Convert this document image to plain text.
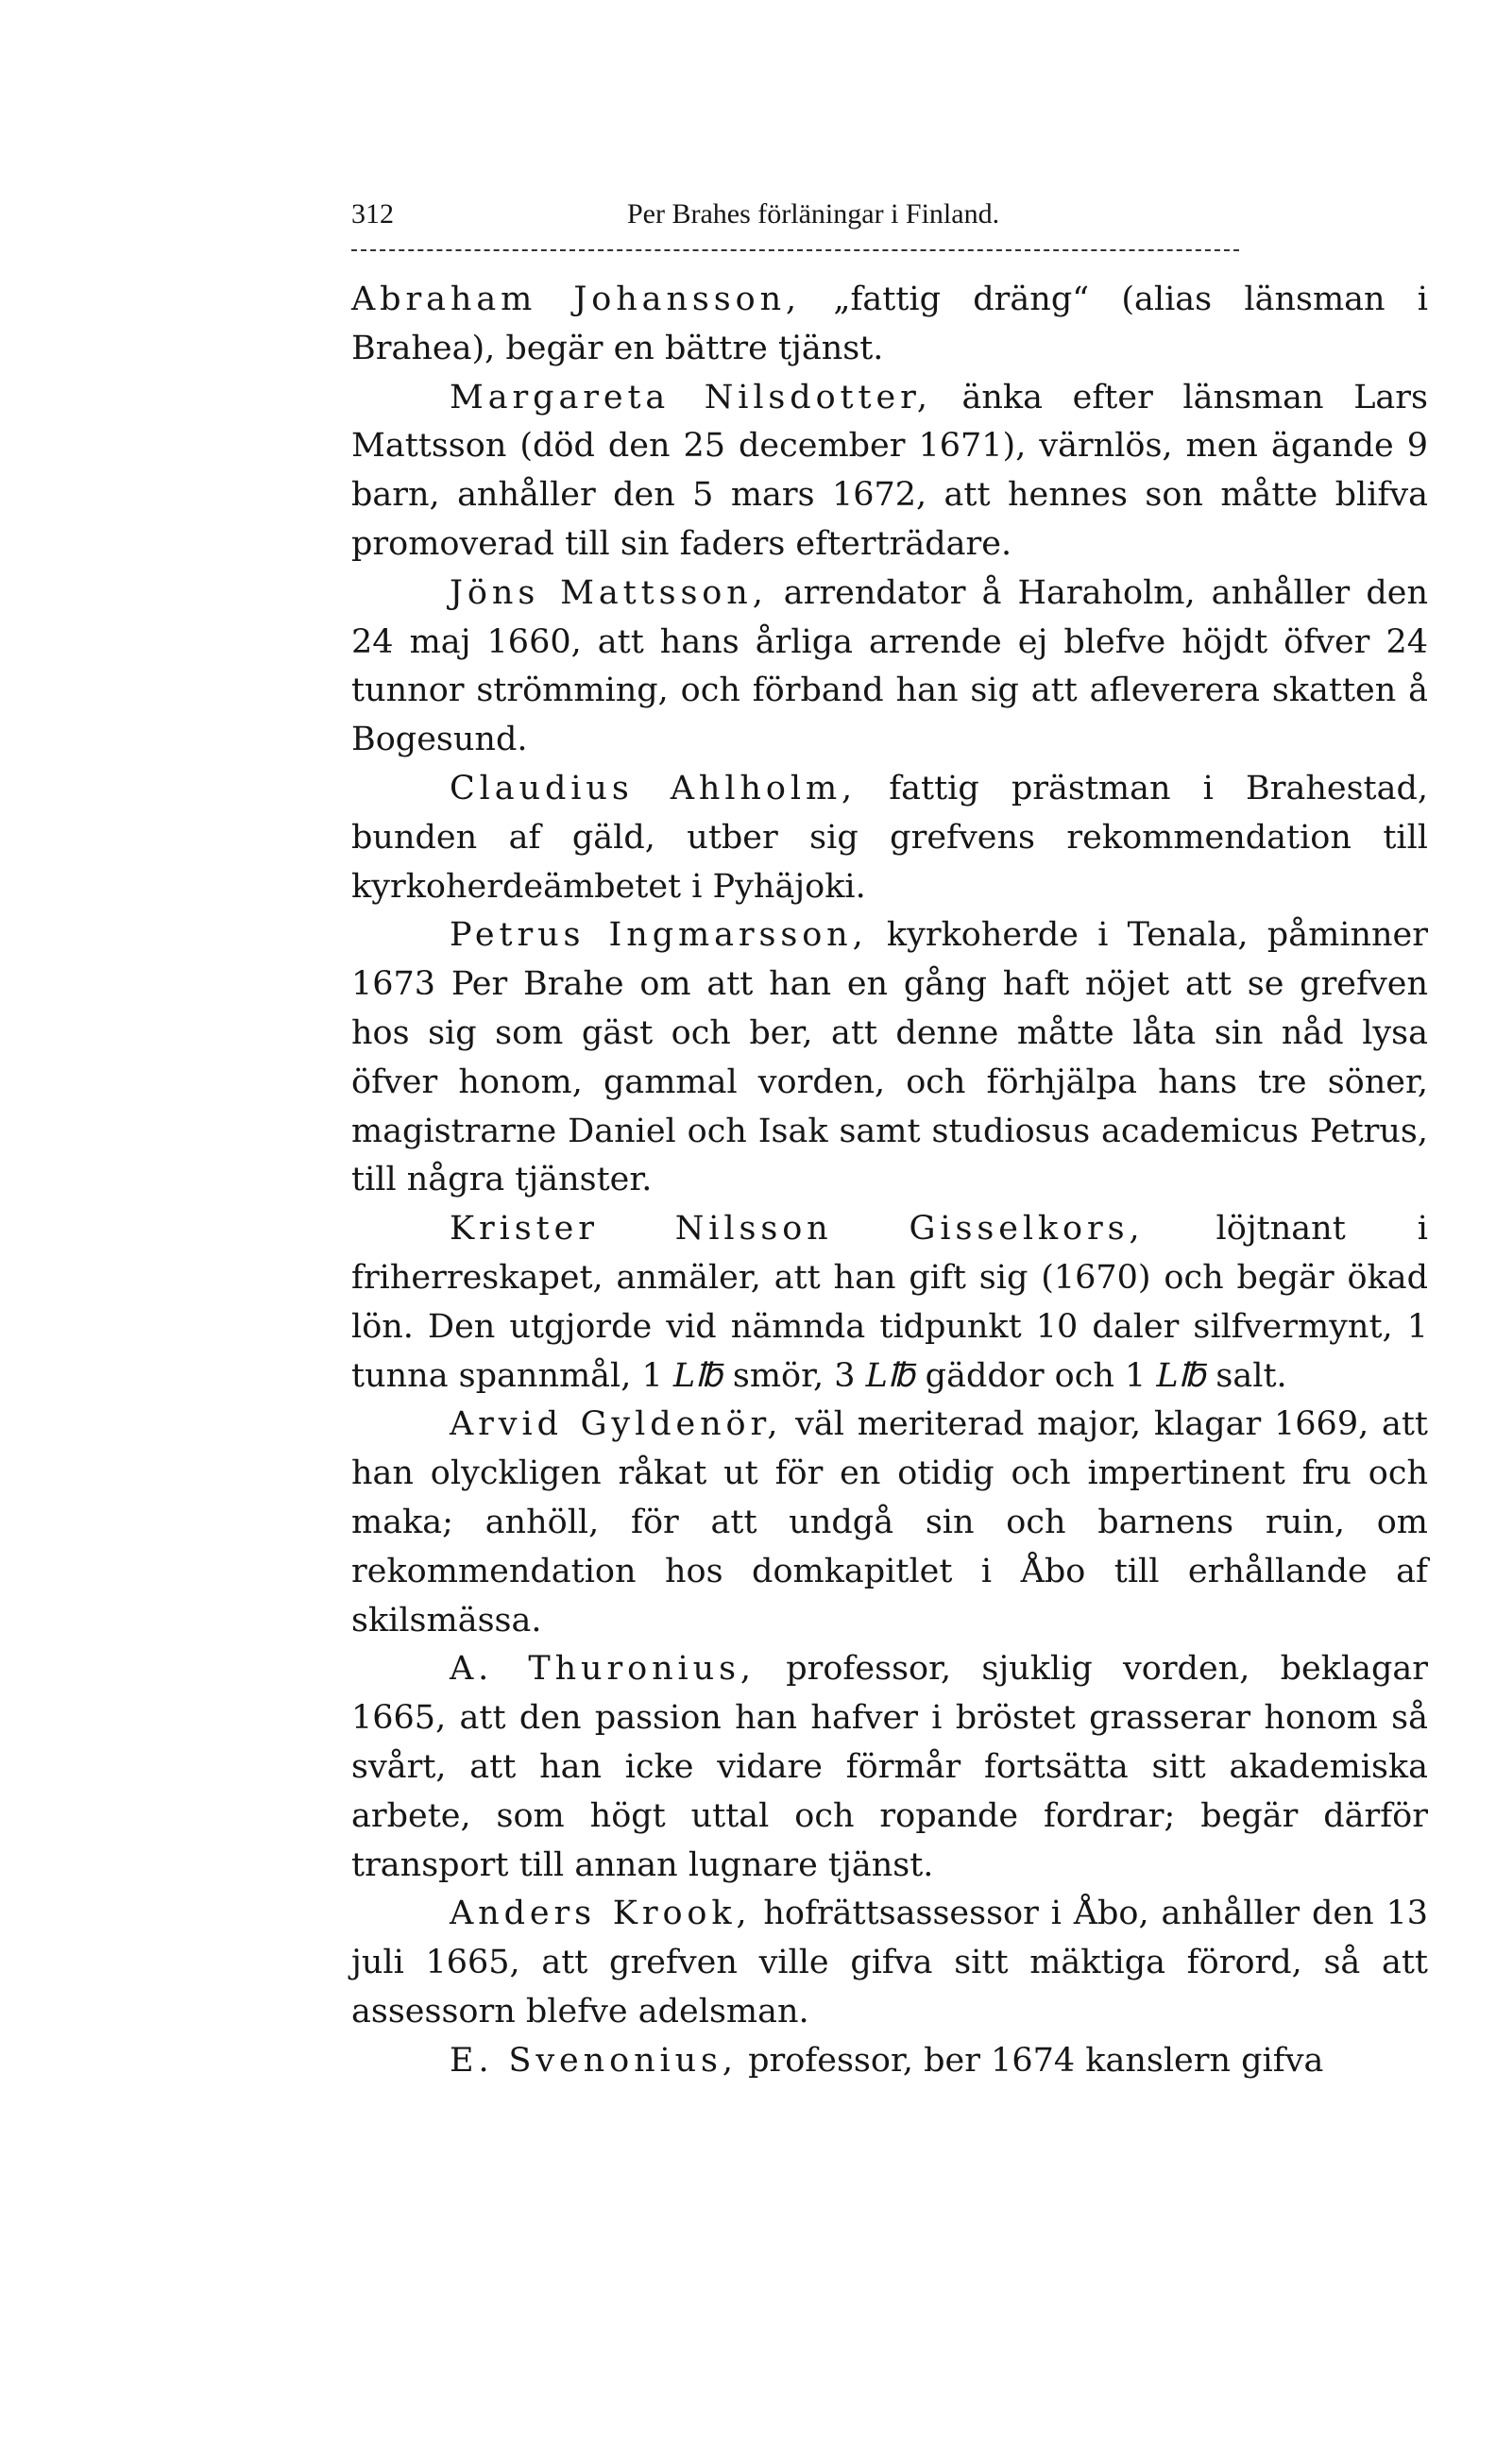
312	Per Brahes förläningar i Finland.

Abraham Johansson, „fattig dräng“ (alias länsman i Brahea), begär en bättre tjänst.

Margareta Nilsdotter, änka efter länsman Lars Mattsson (död den 25 december 1671), värnlös, men ägande 9 barn, anhåller den 5 mars 1672, att hennes son måtte blifva promoverad till sin faders efterträdare.

Jöns Mattsson, arrendator å Haraholm, anhåller den 24 maj 1660, att hans årliga arrende ej blefve höjdt öfver 24 tunnor strömming, och förband han sig att afleverera skatten å Bogesund.

Claudius Ahlholm, fattig prästman i Brahestad, bunden af gäld, utber sig grefvens rekommendation till kyrkoherdeämbetet i Pyhäjoki.

Petrus Ingmarsson, kyrkoherde i Tenala, påminner 1673 Per Brahe om att han en gång haft nöjet att se grefven hos sig som gäst och ber, att denne måtte låta sin nåd lysa öfver honom, gammal vorden, och förhjälpa hans tre söner, magistrarne Daniel och Isak samt studiosus academicus Petrus, till några tjänster.

Krister Nilsson Gisselkors, löjtnant i friherreskapet, anmäler, att han gift sig (1670) och begär ökad lön. Den utgjorde vid nämnda tidpunkt 10 daler silfvermynt, 1 tunna spannmål, 1 L℔ smör, 3 L℔ gäddor och 1 L℔ salt.

Arvid Gyldenör, väl meriterad major, klagar 1669, att han olyckligen råkat ut för en otidig och impertinent fru och maka; anhöll, för att undgå sin och barnens ruin, om rekommendation hos domkapitlet i Åbo till erhållande af skilsmässa.

A. Thuronius, professor, sjuklig vorden, beklagar 1665, att den passion han hafver i bröstet grasserar honom så svårt, att han icke vidare förmår fortsätta sitt akademiska arbete, som högt uttal och ropande fordrar; begär därför transport till annan lugnare tjänst.

Anders Krook, hofrättsassessor i Åbo, anhåller den 13 juli 1665, att grefven ville gifva sitt mäktiga förord, så att assessorn blefve adelsman.

E. Svenonius, professor, ber 1674 kanslern gifva
